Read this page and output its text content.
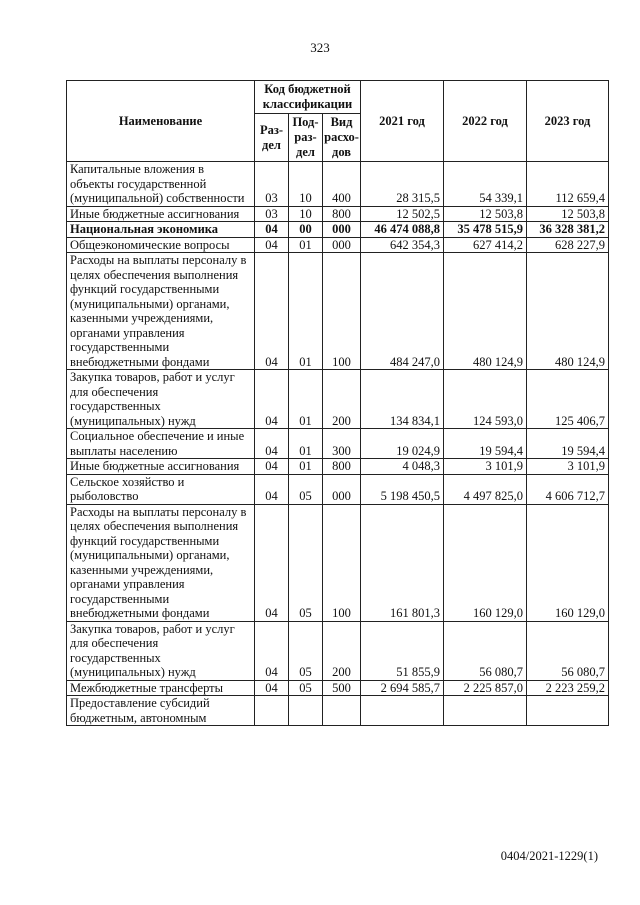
323
Наименование	Код бюджетной классификации			2021 год	2022 год	2023 год
	Раз-дел	Под-раз-дел	Вид расхо-дов			
Капитальные вложения в объекты государственной (муниципальной) собственности	03	10	400	28 315,5	54 339,1	112 659,4
Иные бюджетные ассигнования	03	10	800	12 502,5	12 503,8	12 503,8
Национальная экономика	04	00	000	46 474 088,8	35 478 515,9	36 328 381,2
Общеэкономические вопросы	04	01	000	642 354,3	627 414,2	628 227,9
Расходы на выплаты персоналу в целях обеспечения выполнения функций государственными (муниципальными) органами, казенными учреждениями, органами управления государственными внебюджетными фондами	04	01	100	484 247,0	480 124,9	480 124,9
Закупка товаров, работ и услуг для обеспечения государственных (муниципальных) нужд	04	01	200	134 834,1	124 593,0	125 406,7
Социальное обеспечение и иные выплаты населению	04	01	300	19 024,9	19 594,4	19 594,4
Иные бюджетные ассигнования	04	01	800	4 048,3	3 101,9	3 101,9
Сельское хозяйство и рыболовство	04	05	000	5 198 450,5	4 497 825,0	4 606 712,7
Расходы на выплаты персоналу в целях обеспечения выполнения функций государственными (муниципальными) органами, казенными учреждениями, органами управления государственными внебюджетными фондами	04	05	100	161 801,3	160 129,0	160 129,0
Закупка товаров, работ и услуг для обеспечения государственных (муниципальных) нужд	04	05	200	51 855,9	56 080,7	56 080,7
Межбюджетные трансферты	04	05	500	2 694 585,7	2 225 857,0	2 223 259,2
Предоставление субсидий бюджетным, автономным						
0404/2021-1229(1)
